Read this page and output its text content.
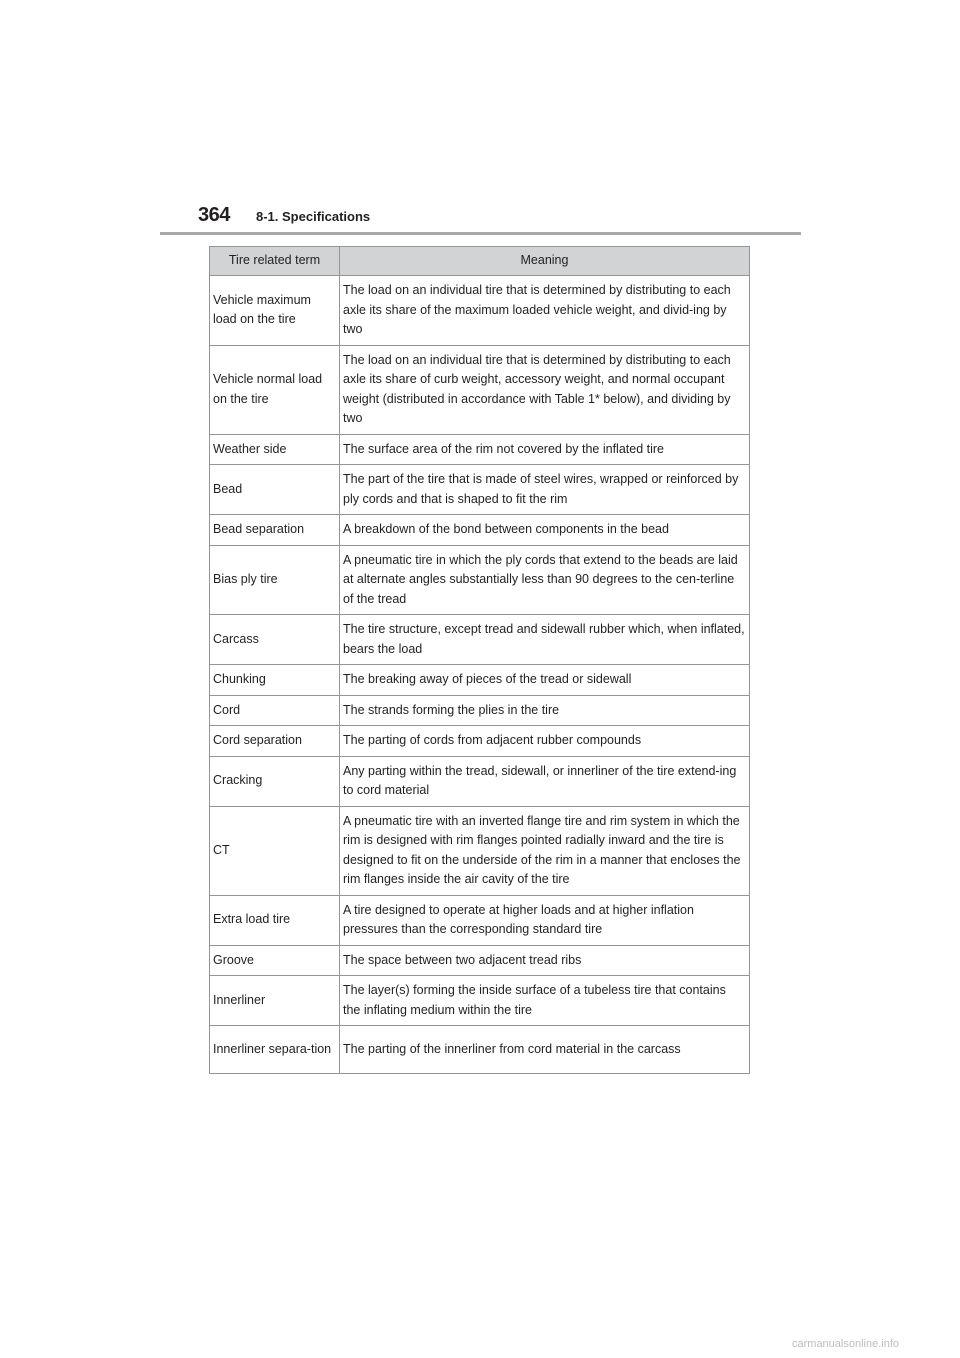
364 8-1. Specifications
Tire related term	Meaning
Vehicle maximum load on the tire	The load on an individual tire that is determined by distributing to each axle its share of the maximum loaded vehicle weight, and divid-ing by two
Vehicle normal load on the tire	The load on an individual tire that is determined by distributing to each axle its share of curb weight, accessory weight, and normal occupant weight (distributed in accordance with Table 1* below), and dividing by two
Weather side	The surface area of the rim not covered by the inflated tire
Bead	The part of the tire that is made of steel wires, wrapped or reinforced by ply cords and that is shaped to fit the rim
Bead separation	A breakdown of the bond between components in the bead
Bias ply tire	A pneumatic tire in which the ply cords that extend to the beads are laid at alternate angles substantially less than 90 degrees to the cen-terline of the tread
Carcass	The tire structure, except tread and sidewall rubber which, when inflated, bears the load
Chunking	The breaking away of pieces of the tread or sidewall
Cord	The strands forming the plies in the tire
Cord separation	The parting of cords from adjacent rubber compounds
Cracking	Any parting within the tread, sidewall, or innerliner of the tire extend-ing to cord material
CT	A pneumatic tire with an inverted flange tire and rim system in which the rim is designed with rim flanges pointed radially inward and the tire is designed to fit on the underside of the rim in a manner that encloses the rim flanges inside the air cavity of the tire
Extra load tire	A tire designed to operate at higher loads and at higher inflation pressures than the corresponding standard tire
Groove	The space between two adjacent tread ribs
Innerliner	The layer(s) forming the inside surface of a tubeless tire that contains the inflating medium within the tire
Innerliner separa-tion	The parting of the innerliner from cord material in the carcass
carmanualsonline.info
